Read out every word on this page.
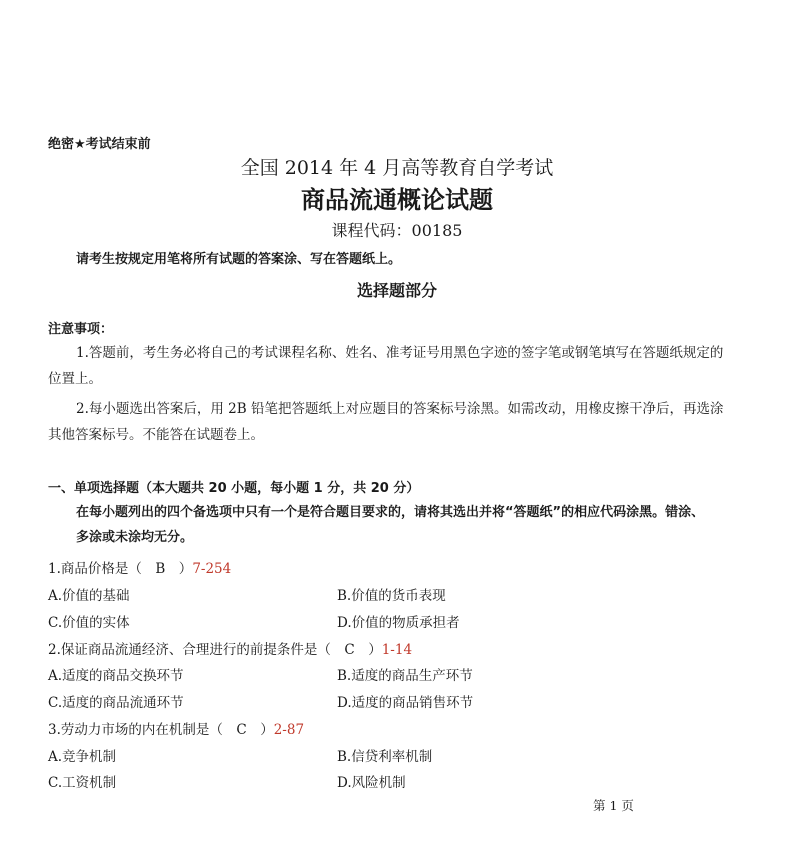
绝密★考试结束前
全国 2014 年 4 月高等教育自学考试
商品流通概论试题
课程代码：00185
请考生按规定用笔将所有试题的答案涂、写在答题纸上。
选择题部分
注意事项：
1.答题前，考生务必将自己的考试课程名称、姓名、准考证号用黑色字迹的签字笔或钢笔填写在答题纸规定的
位置上。
2.每小题选出答案后，用 2B 铅笔把答题纸上对应题目的答案标号涂黑。如需改动，用橡皮擦干净后，再选涂
其他答案标号。不能答在试题卷上。
一、单项选择题（本大题共 20 小题，每小题 1 分，共 20 分）
在每小题列出的四个备选项中只有一个是符合题目要求的，请将其选出并将“答题纸”的相应代码涂黑。错涂、
多涂或未涂均无分。
1.商品价格是（　B　）7-254
A.价值的基础	B.价值的货币表现
C.价值的实体	D.价值的物质承担者
2.保证商品流通经济、合理进行的前提条件是（　C　）1-14
A.适度的商品交换环节	B.适度的商品生产环节
C.适度的商品流通环节	D.适度的商品销售环节
3.劳动力市场的内在机制是（　C　）2-87
A.竞争机制	B.信贷利率机制
C.工资机制	D.风险机制
第 1 页
